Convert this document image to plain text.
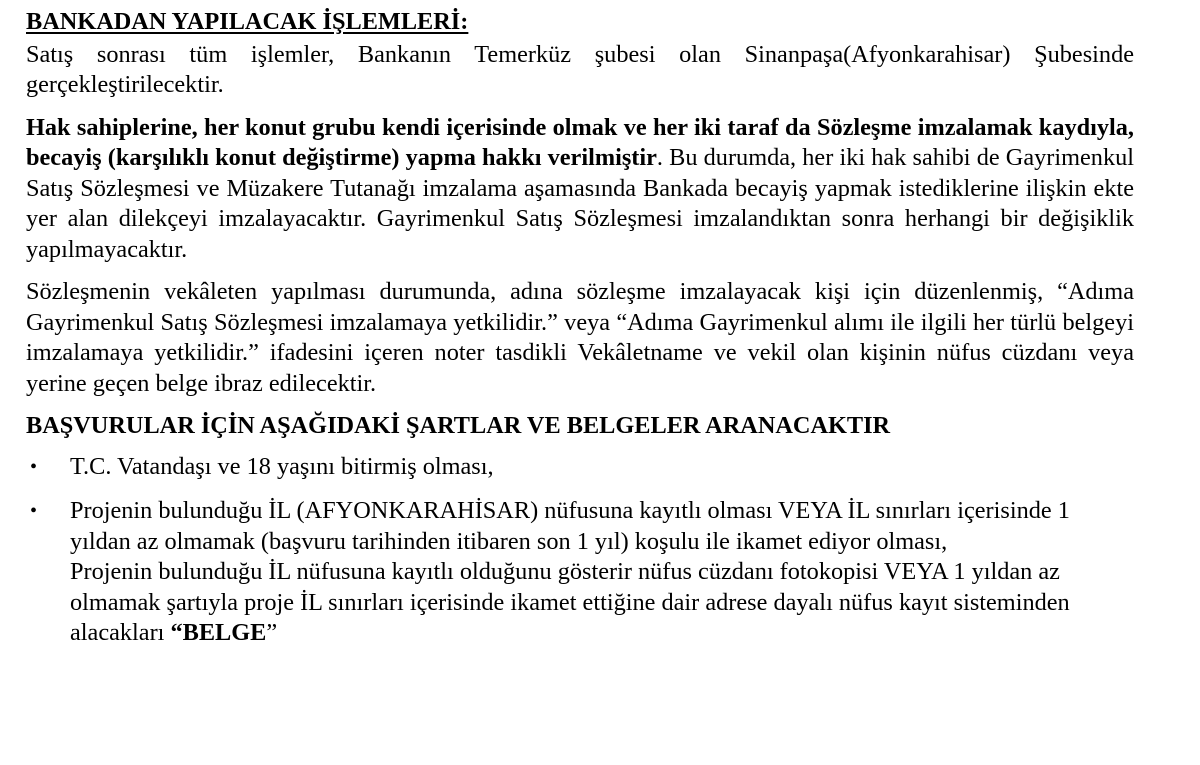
BANKADAN YAPILACAK İŞLEMLERİ:

Satış sonrası tüm işlemler, Bankanın Temerküz şubesi olan Sinanpaşa(Afyonkarahisar) Şubesinde gerçekleştirilecektir.

Hak sahiplerine, her konut grubu kendi içerisinde olmak ve her iki taraf da Sözleşme imzalamak kaydıyla, becayiş (karşılıklı konut değiştirme) yapma hakkı verilmiştir. Bu durumda, her iki hak sahibi de Gayrimenkul Satış Sözleşmesi ve Müzakere Tutanağı imzalama aşamasında Bankada becayiş yapmak istediklerine ilişkin ekte yer alan dilekçeyi imzalayacaktır. Gayrimenkul Satış Sözleşmesi imzalandıktan sonra herhangi bir değişiklik yapılmayacaktır.

Sözleşmenin vekâleten yapılması durumunda, adına sözleşme imzalayacak kişi için düzenlenmiş, “Adıma Gayrimenkul Satış Sözleşmesi imzalamaya yetkilidir.” veya “Adıma Gayrimenkul alımı ile ilgili her türlü belgeyi imzalamaya yetkilidir.” ifadesini içeren noter tasdikli Vekâletname ve vekil olan kişinin nüfus cüzdanı veya yerine geçen belge ibraz edilecektir.

BAŞVURULAR İÇİN AŞAĞIDAKİ ŞARTLAR VE BELGELER ARANACAKTIR
• T.C. Vatandaşı ve 18 yaşını bitirmiş olması,
• Projenin bulunduğu İL (AFYONKARAHİSAR) nüfusuna kayıtlı olması VEYA İL sınırları içerisinde 1 yıldan az olmamak (başvuru tarihinden itibaren son 1 yıl) koşulu ile ikamet ediyor olması,
Projenin bulunduğu İL nüfusuna kayıtlı olduğunu gösterir nüfus cüzdanı fotokopisi VEYA 1 yıldan az olmamak şartıyla proje İL sınırları içerisinde ikamet ettiğine dair adrese dayalı nüfus kayıt sisteminden alacakları “BELGE”
